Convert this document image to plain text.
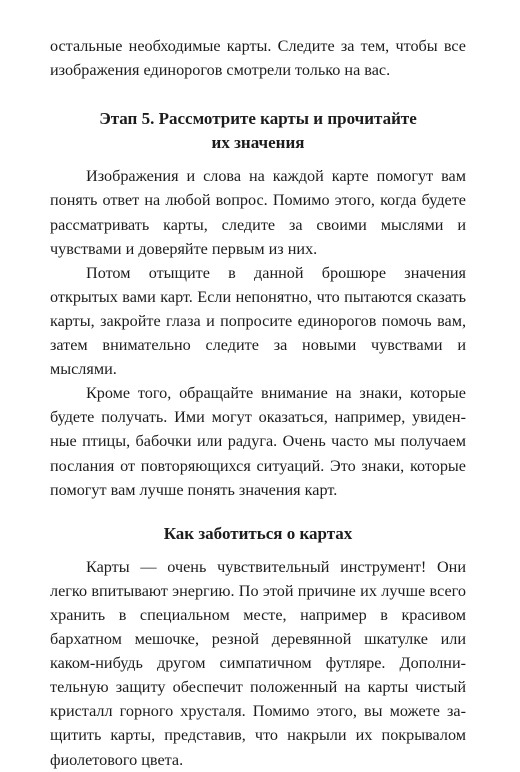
остальные необходимые карты. Следите за тем, чтобы все изображения единорогов смотрели только на вас.

Этап 5. Рассмотрите карты и прочитайте
их значения

Изображения и слова на каждой карте помогут вам понять ответ на любой вопрос. Помимо этого, когда будете рассматривать карты, следите за своими мыслями и чувствами и доверяйте первым из них.

Потом отыщите в данной брошюре значения открытых вами карт. Если непонятно, что пытаются сказать карты, закройте глаза и попросите единорогов помочь вам, затем внимательно следите за новыми чувствами и мыслями.

Кроме того, обращайте внимание на знаки, которые будете получать. Ими могут оказаться, например, увиденные птицы, бабочки или радуга. Очень часто мы получаем послания от повторяющихся ситуаций. Это знаки, которые помогут вам лучше понять значения карт.

Как заботиться о картах

Карты — очень чувствительный инструмент! Они легко впитывают энергию. По этой причине их лучше всего хранить в специальном месте, например в красивом бархатном мешочке, резной деревянной шкатулке или каком-нибудь другом симпатичном футляре. Дополнительную защиту обеспечит положенный на карты чистый кристалл горного хрусталя. Помимо этого, вы можете защитить карты, представив, что накрыли их покрывалом фиолетового цвета.
